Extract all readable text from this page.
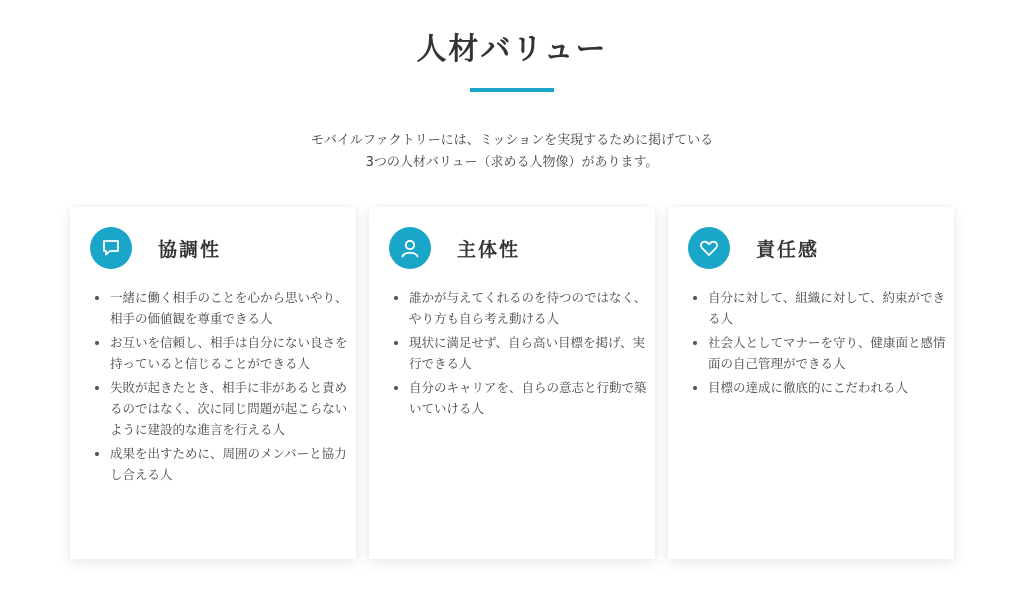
人材バリュー
モバイルファクトリーには、ミッションを実現するために掲げている
3つの人材バリュー（求める人物像）があります。
協調性
• 一緒に働く相手のことを心から思いやり、相手の価値観を尊重できる人
• お互いを信頼し、相手は自分にない良さを持っていると信じることができる人
• 失敗が起きたとき、相手に非があると責めるのではなく、次に同じ問題が起こらないように建設的な進言を行える人
• 成果を出すために、周囲のメンバーと協力し合える人
主体性
• 誰かが与えてくれるのを待つのではなく、やり方も自ら考え動ける人
• 現状に満足せず、自ら高い目標を掲げ、実行できる人
• 自分のキャリアを、自らの意志と行動で築いていける人
責任感
• 自分に対して、組織に対して、約束ができる人
• 社会人としてマナーを守り、健康面と感情面の自己管理ができる人
• 目標の達成に徹底的にこだわれる人
